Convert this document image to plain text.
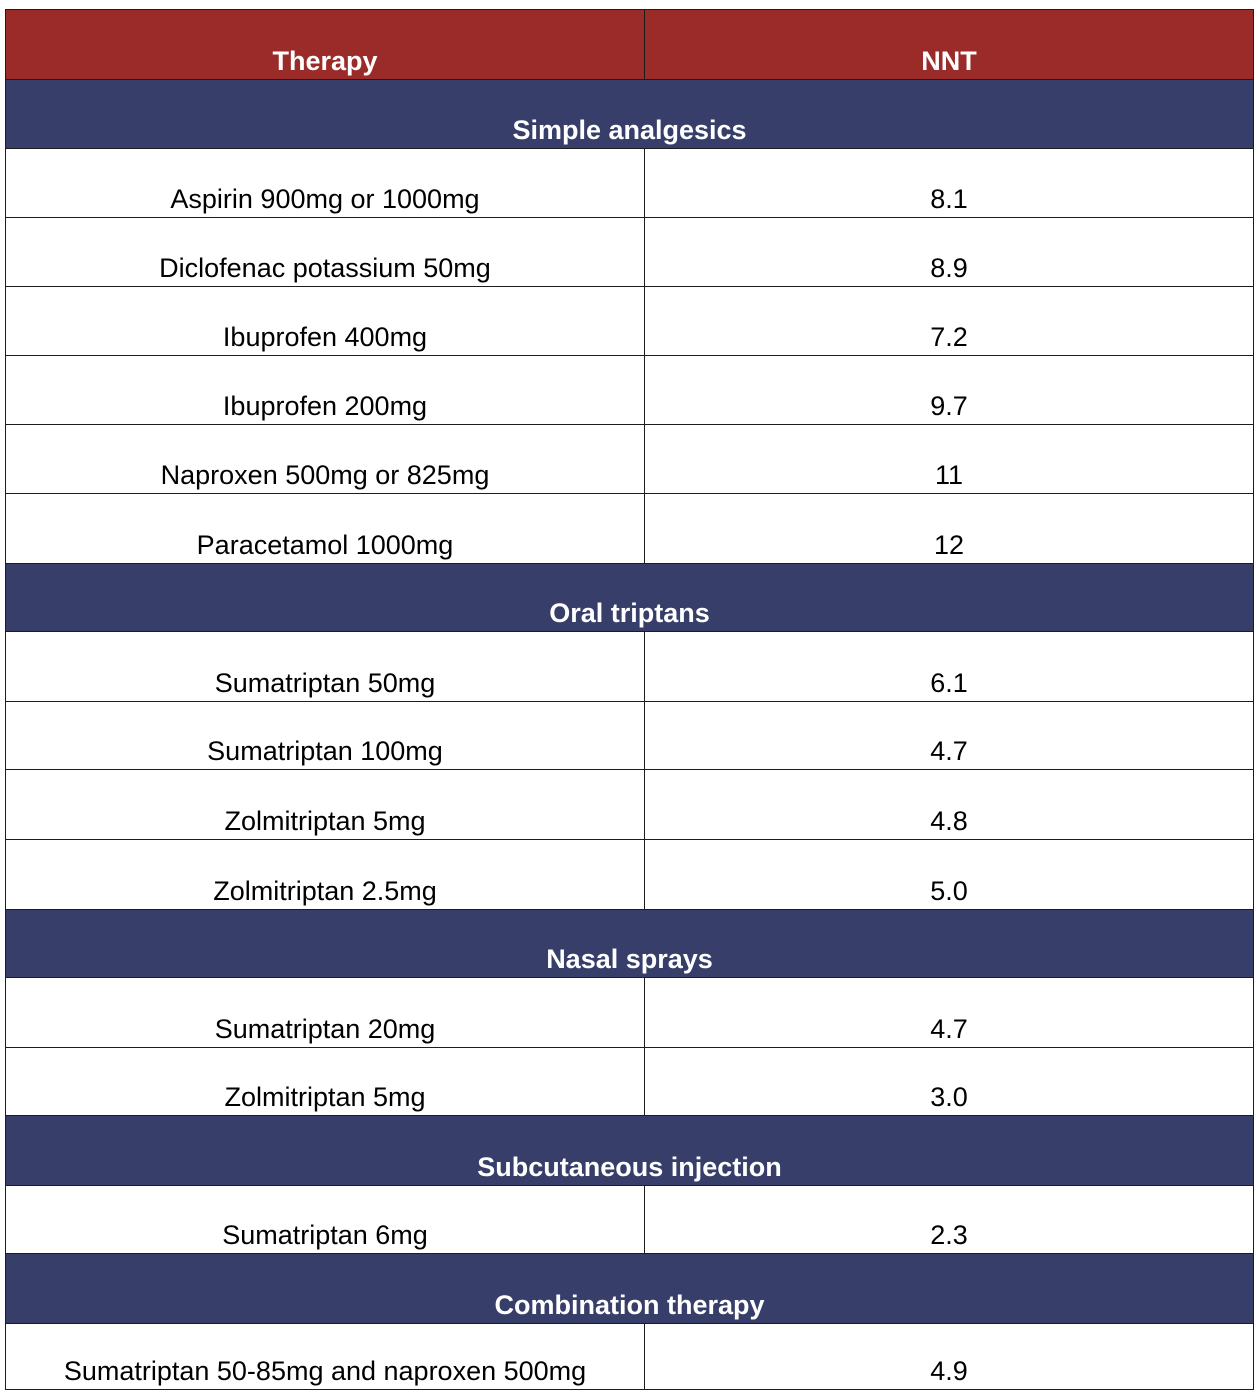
Therapy	NNT
Simple analgesics	
Aspirin 900mg or 1000mg	8.1
Diclofenac potassium 50mg	8.9
Ibuprofen 400mg	7.2
Ibuprofen 200mg	9.7
Naproxen 500mg or 825mg	11
Paracetamol 1000mg	12
Oral triptans	
Sumatriptan 50mg	6.1
Sumatriptan 100mg	4.7
Zolmitriptan 5mg	4.8
Zolmitriptan 2.5mg	5.0
Nasal sprays	
Sumatriptan 20mg	4.7
Zolmitriptan 5mg	3.0
Subcutaneous injection	
Sumatriptan 6mg	2.3
Combination therapy	
Sumatriptan 50-85mg and naproxen 500mg	4.9
